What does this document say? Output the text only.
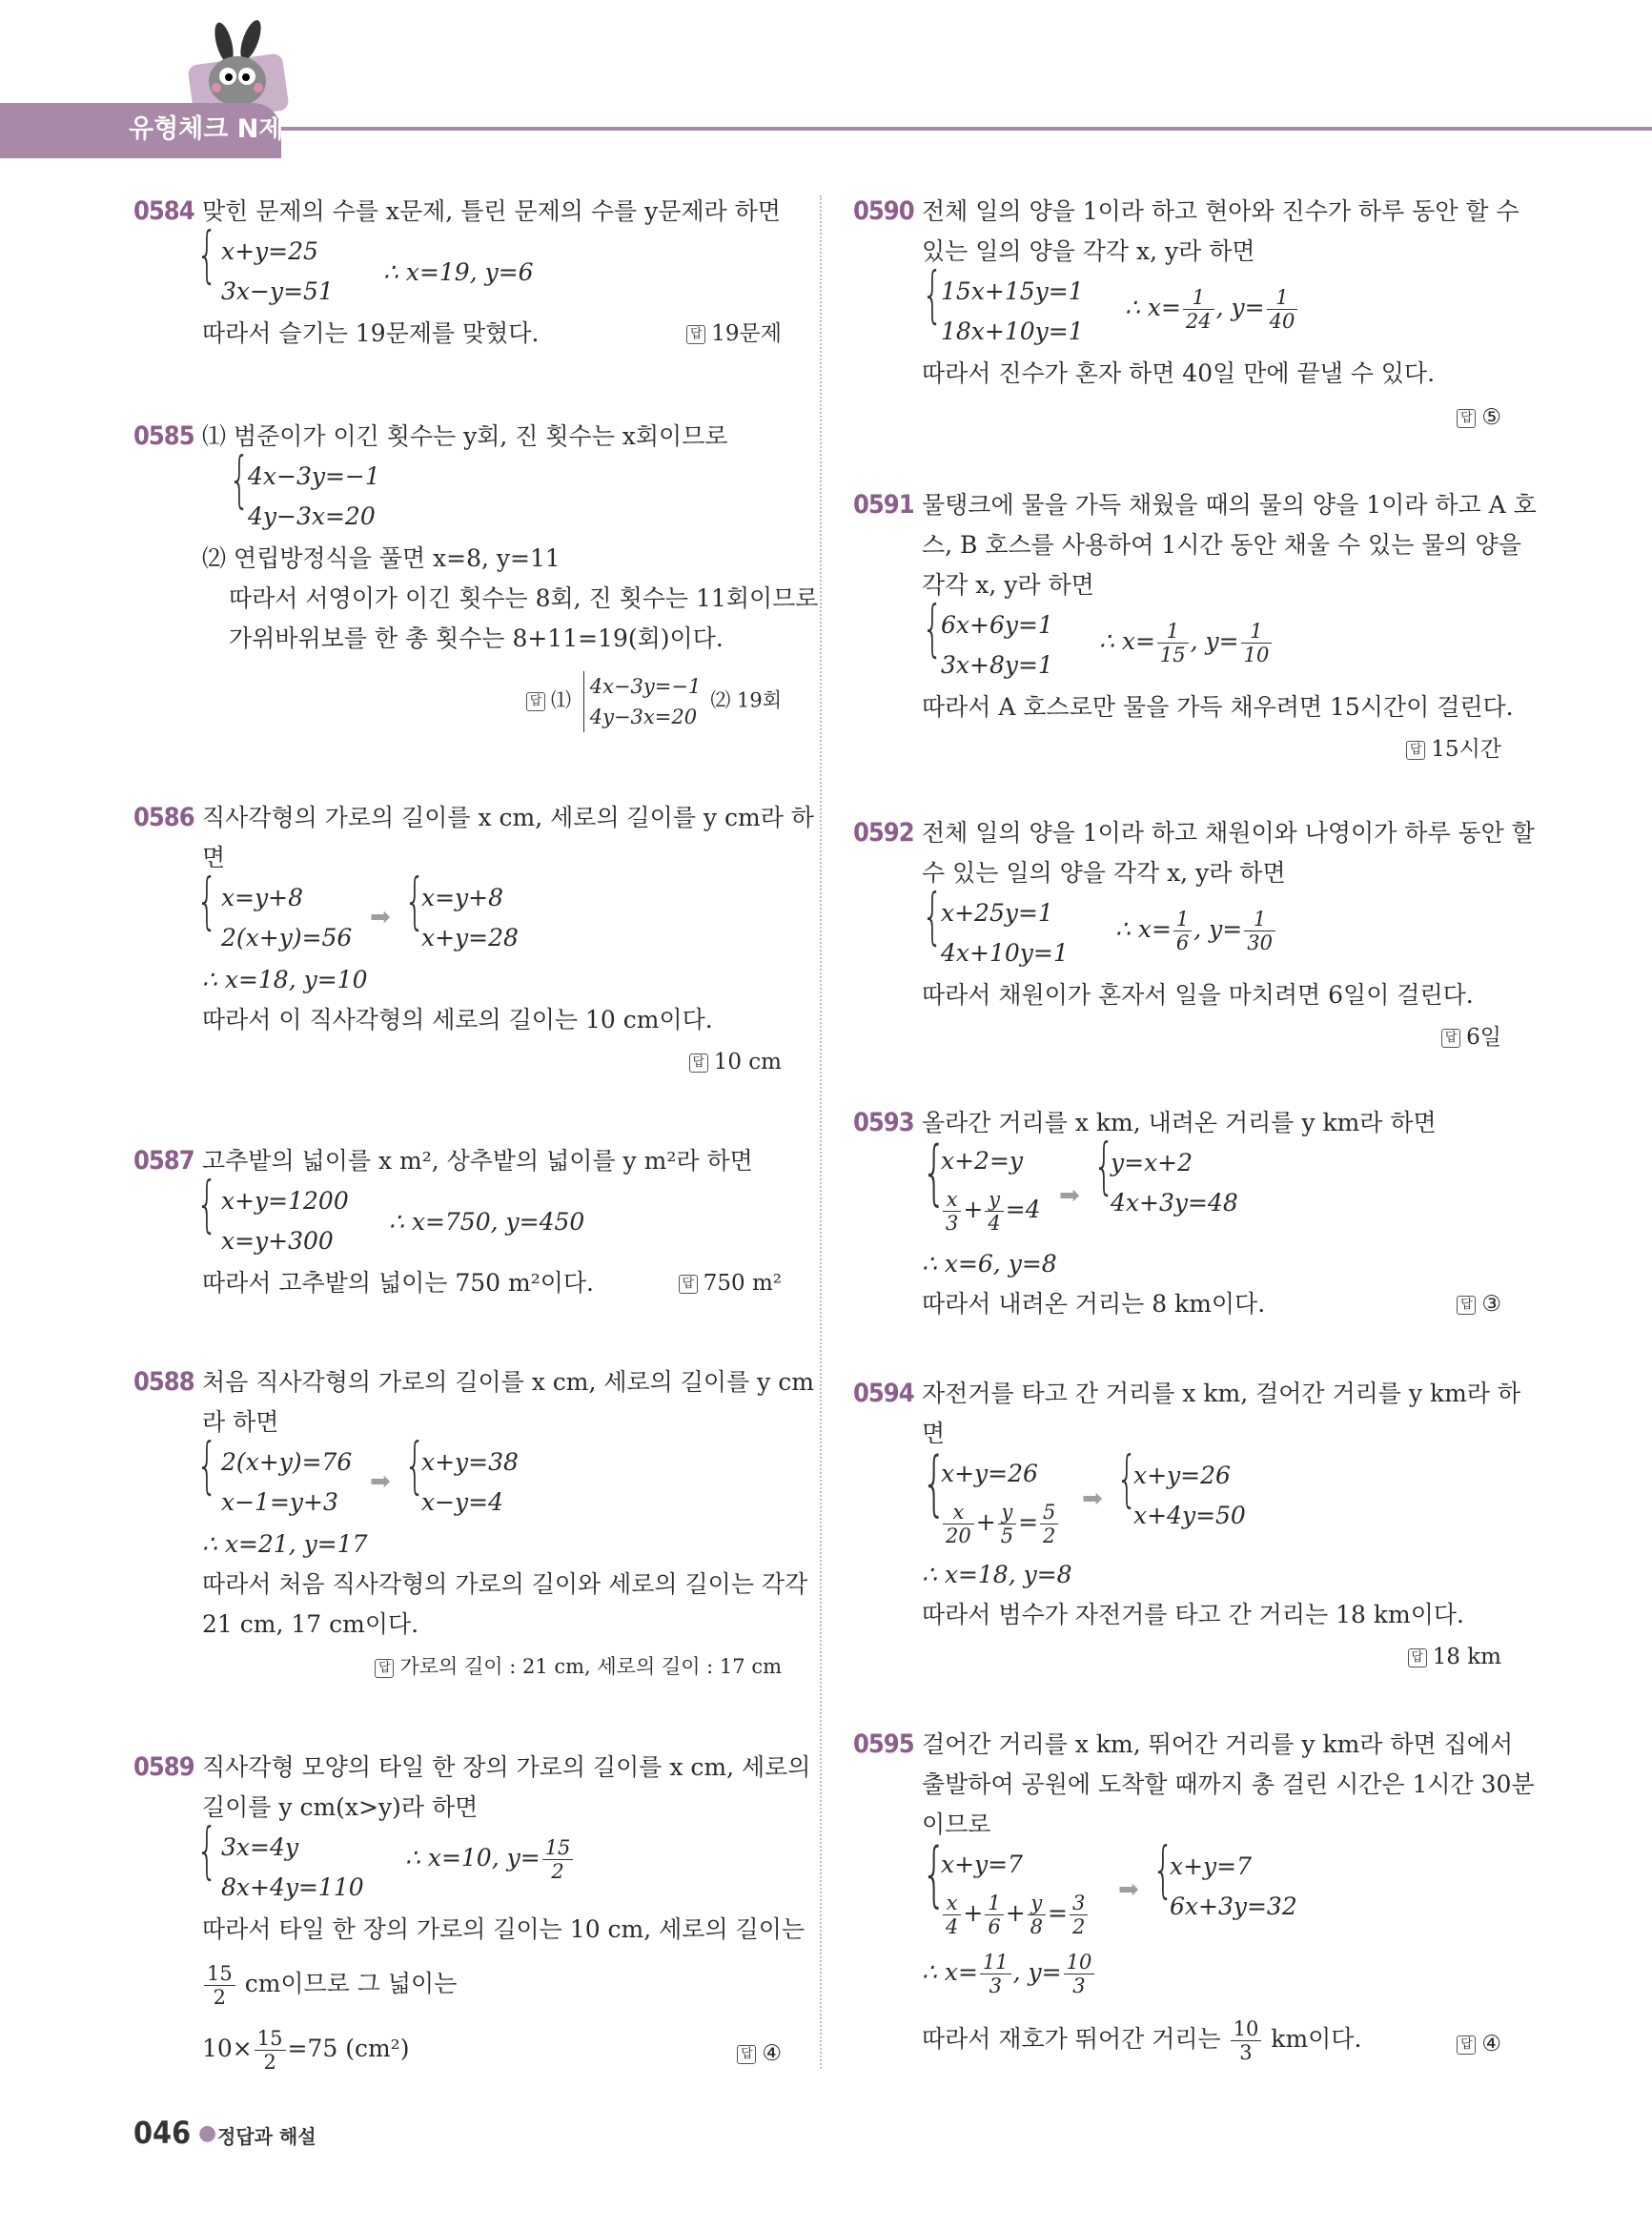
유형체크 N제
0584 맞힌 문제의 수를 x문제, 틀린 문제의 수를 y문제라 하면
{ x+y=25
3x−y=51
∴ x=19, y=6
따라서 슬기는 19문제를 맞혔다.	답 19문제
0585 ⑴ 범준이가 이긴 횟수는 y회, 진 횟수는 x회이므로
{
4x−3y=−1
4y−3x=20
⑵ 연립방정식을 풀면 x=8, y=11
따라서 서영이가 이긴 횟수는 8회, 진 횟수는 11회이므로
가위바위보를 한 총 횟수는 8+11=19(회)이다.
답 ⑴
4x−3y=−1
4y−3x=20
⑵ 19회
0586 직사각형의 가로의 길이를 x cm, 세로의 길이를 y cm라 하
면
{ x=y+8
2(x+y)=56
➡ {
x=y+8
x+y=28
∴ x=18, y=10
따라서 이 직사각형의 세로의 길이는 10 cm이다.
답 10 cm
0587 고추밭의 넓이를 x m², 상추밭의 넓이를 y m²라 하면
{ x+y=1200
x=y+300
∴ x=750, y=450
따라서 고추밭의 넓이는 750 m²이다.	답 750 m²
0588 처음 직사각형의 가로의 길이를 x cm, 세로의 길이를 y cm
라 하면
{ 2(x+y)=76
x−1=y+3
➡ {
x+y=38
x−y=4
∴ x=21, y=17
따라서 처음 직사각형의 가로의 길이와 세로의 길이는 각각
21 cm, 17 cm이다.
답 가로의 길이 : 21 cm, 세로의 길이 : 17 cm
0589 직사각형 모양의 타일 한 장의 가로의 길이를 x cm, 세로의
길이를 y cm(x>y)라 하면
{ 3x=4y
8x+4y=110
∴ x=10, $y= \frac{15}{2}$
따라서 타일 한 장의 가로의 길이는 10 cm, 세로의 길이는
$\frac{15}{2}$ cm이므로 그 넓이는
$10\times \frac{15}{2} =75$ (cm²)	답 ④
0590 전체 일의 양을 1이라 하고 현아와 진수가 하루 동안 할 수
있는 일의 양을 각각 x, y라 하면
{
15x+15y=1
18x+10y=1
∴ $x= \frac{1}{24}$ , $y= \frac{1}{40}$
따라서 진수가 혼자 하면 40일 만에 끝낼 수 있다.
답 ⑤
0591 물탱크에 물을 가득 채웠을 때의 물의 양을 1이라 하고 A 호
스, B 호스를 사용하여 1시간 동안 채울 수 있는 물의 양을
각각 x, y라 하면
{
6x+6y=1
3x+8y=1
∴ $x= \frac{1}{15}$ , $y= \frac{1}{10}$
따라서 A 호스로만 물을 가득 채우려면 15시간이 걸린다.
답 15시간
0592 전체 일의 양을 1이라 하고 채원이와 나영이가 하루 동안 할
수 있는 일의 양을 각각 x, y라 하면
{
x+25y=1
4x+10y=1
∴ $x= \frac{1}{6}$ , $y= \frac{1}{30}$
따라서 채원이가 혼자서 일을 마치려면 6일이 걸린다.
답 6일
0593 올라간 거리를 x km, 내려온 거리를 y km라 하면
{
x+2=y
$\frac{x}{3} + \frac{y}{4} =4$ ➡ {
y=x+2
4x+3y=48
∴ x=6, y=8
따라서 내려온 거리는 8 km이다.	답 ③
0594 자전거를 타고 간 거리를 x km, 걸어간 거리를 y km라 하
면
{
x+y=26
$\frac{x}{20} + \frac{y}{5} = \frac{5}{2}$
➡ {
x+y=26
x+4y=50
∴ x=18, y=8
따라서 범수가 자전거를 타고 간 거리는 18 km이다.
답 18 km
0595 걸어간 거리를 x km, 뛰어간 거리를 y km라 하면 집에서
출발하여 공원에 도착할 때까지 총 걸린 시간은 1시간 30분
이므로
{
x+y=7
$\frac{x}{4} + \frac{1}{6} + \frac{y}{8} = \frac{3}{2}$
➡ {
x+y=7
6x+3y=32
∴ $x= \frac{11}{3}$ , $y= \frac{10}{3}$
따라서 재호가 뛰어간 거리는 $\frac{10}{3}$ km이다.	답 ④
046 ● 정답과 해설
